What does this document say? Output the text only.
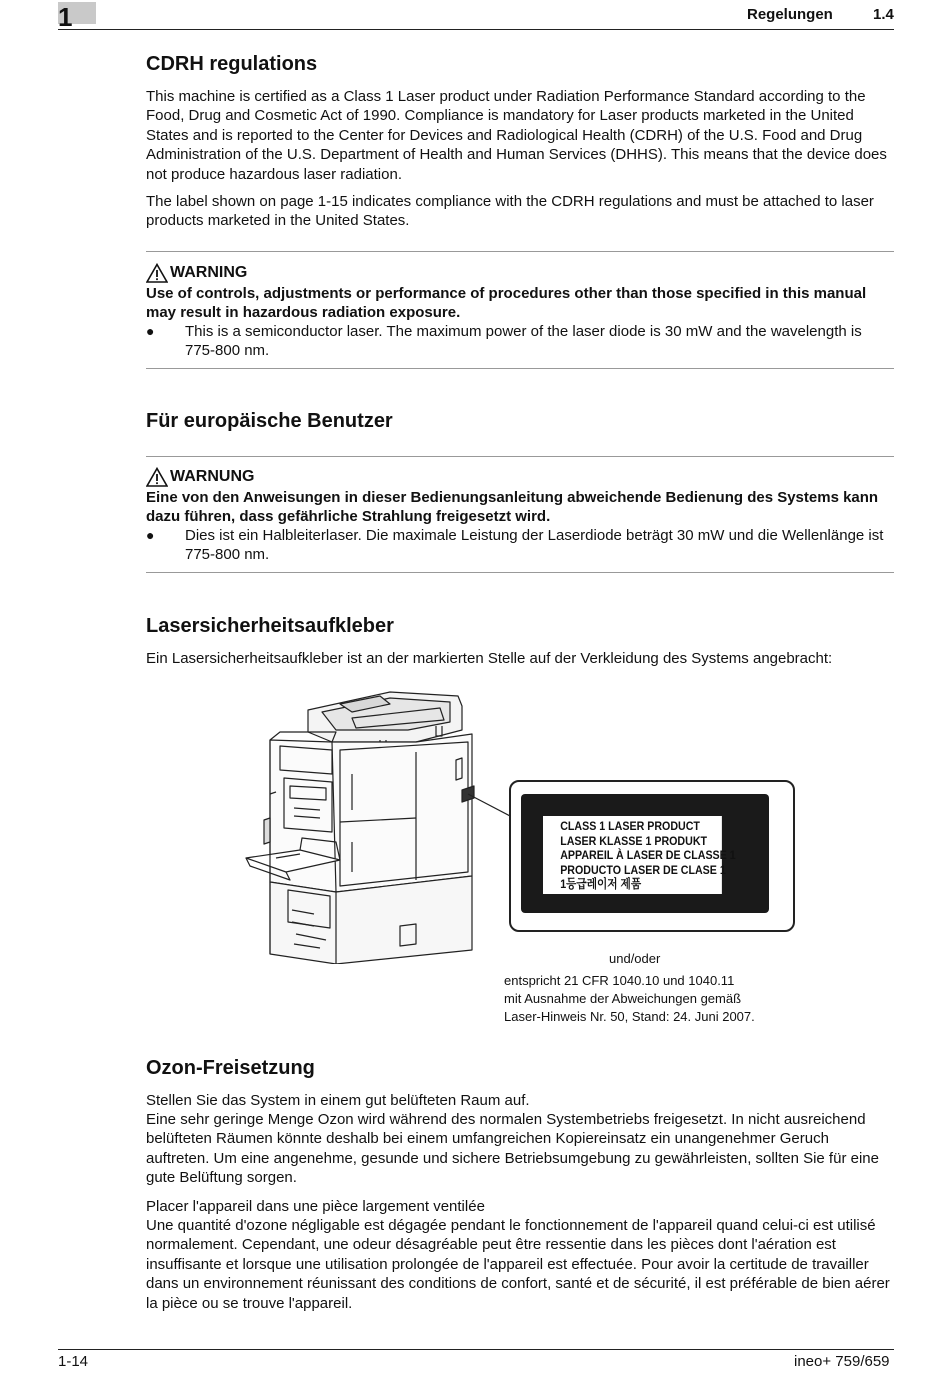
1	Regelungen	1.4
CDRH regulations

This machine is certified as a Class 1 Laser product under Radiation Performance Standard according to the Food, Drug and Cosmetic Act of 1990. Compliance is mandatory for Laser products marketed in the United States and is reported to the Center for Devices and Radiological Health (CDRH) of the U.S. Food and Drug Administration of the U.S. Department of Health and Human Services (DHHS). This means that the device does not produce hazardous laser radiation.

The label shown on page 1-15 indicates compliance with the CDRH regulations and must be attached to laser products marketed in the United States.

WARNING

Use of controls, adjustments or performance of procedures other than those specified in this manual may result in hazardous radiation exposure.

● This is a semiconductor laser. The maximum power of the laser diode is 30 mW and the wavelength is 775-800 nm.

Für europäische Benutzer
WARNUNG

Eine von den Anweisungen in dieser Bedienungsanleitung abweichende Bedienung des Systems kann dazu führen, dass gefährliche Strahlung freigesetzt wird.

● Dies ist ein Halbleiterlaser. Die maximale Leistung der Laserdiode beträgt 30 mW und die Wellenlänge ist 775-800 nm.

Lasersicherheitsaufkleber

Ein Lasersicherheitsaufkleber ist an der markierten Stelle auf der Verkleidung des Systems angebracht:

CLASS 1 LASER PRODUCT
LASER KLASSE 1 PRODUKT
APPAREIL À LASER DE CLASSE 1
PRODUCTO LASER DE CLASE 1
1등급레이저 제품
und/oder
entspricht 21 CFR 1040.10 und 1040.11
mit Ausnahme der Abweichungen gemäß
Laser-Hinweis Nr. 50, Stand: 24. Juni 2007.
Ozon-Freisetzung

Stellen Sie das System in einem gut belüfteten Raum auf.

Eine sehr geringe Menge Ozon wird während des normalen Systembetriebs freigesetzt. In nicht ausreichend belüfteten Räumen könnte deshalb bei einem umfangreichen Kopiereinsatz ein unangenehmer Geruch auftreten. Um eine angenehme, gesunde und sichere Betriebsumgebung zu gewährleisten, sollten Sie für eine gute Belüftung sorgen.

Placer l'appareil dans une pièce largement ventilée

Une quantité d'ozone négligable est dégagée pendant le fonctionnement de l'appareil quand celui-ci est utilisé normalement. Cependant, une odeur désagréable peut être ressentie dans les pièces dont l'aération est insuffisante et lorsque une utilisation prolongée de l'appareil est effectuée. Pour avoir la certitude de travailler dans un environnement réunissant des conditions de confort, santé et de sécurité, il est préférable de bien aérer la pièce ou se trouve l'appareil.

1-14	ineo+ 759/659
